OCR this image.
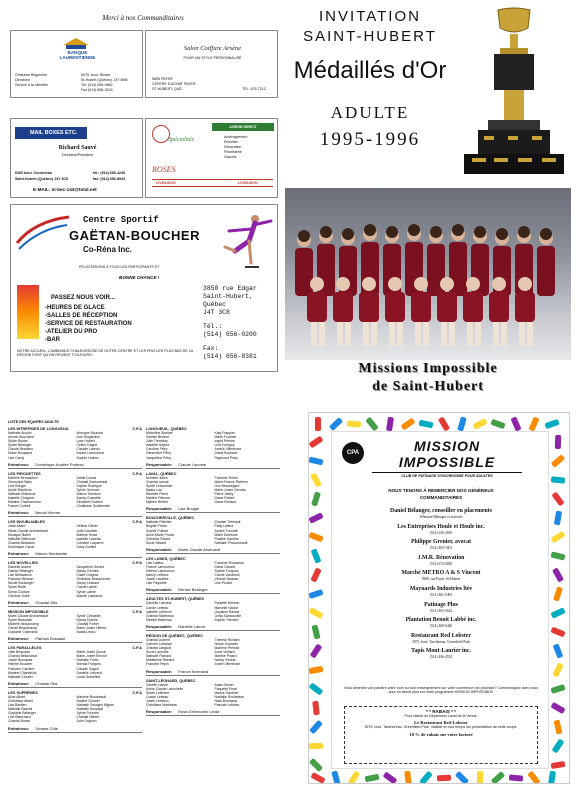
Merci à nos Commanditaires
BANQUE
LAURENTIENNE
Ghislaine Bégnoche
Directrice
Service à la clientèle
5075, boul. Ricard
St-Hubert (Québec) J3Y 8M8
Tél. (514) 656-9882
Fax (514) 656-3024
Salon Coiffure Arsène
POUR UN STYLE PERSONNALISÉ
5895 PAYER
CENTRE D'ACHAT PAYER
ST-HUBERT, QUÉ.	TÉL. 676-7212
MAIL BOXES ETC.
Richard Sauvé
Directeur/Président
6360 boul. Cousineau
Saint-Hubert (Québec) J3Y 8C5
tél.: (514) 656-4245
fax: (514) 656-8944
E-MAIL: m-bec-143@total.net
JARDIN DIRECT
Spécialités	Aménagement
Entretien
Décoration
Fleuristerie
Gazons
ROSES
LIVRAISON	LIVRAISON
Centre Sportif
GAËTAN-BOUCHER
Co-Réna Inc.
FÉLICITATIONS À TOUS LES PARTICIPANTS ET
BONNE CHANCE !
PASSEZ NOUS VOIR...
-HEURES DE GLACE
-SALLES DE RÉCEPTION
-SERVICE DE RESTAURATION
-ATELIER DU PRO
-BAR
3850 rue Edgar
Saint-Hubert,
Québec
J4T 3C8
Tél.:
(514) 656-0200
Fax:
(514) 656-8381
NOTRE ACCUEIL, L'AMBIANCE CHALEUREUSE DE NOTRE CENTRE ET LES PRIX LES PLUS BAS DE LA RÉGION FONT QU'ON REVIENT TOUJOURS !
INVITATION
SAINT-HUBERT
Médaillés d'Or
ADULTE
1995-1996
Missions Impossible
de Saint-Hubert
LISTE DES ÉQUIPES ADULTE
LES INTRÉPIDES DE LONGUEUIL	C.P.A
Nathalie Aucoin	Monique Bourdon
Annick Bouchard	Lise Desjardins
Sylvie Boulet	Lyse Hubert
Sylvie Bélanger	Céline Gagné
Claude Beaulieu	Claudie Lacroix
Diane Bousquet	Karine Lamoureux
Lise Cardy	Sophie Leclerc
Entraîneur: Dominique-Andrée Proteau
LES PIROUETTES	C.P.A
Michèle Bernatchez	Joëlle Dorval
Véronique Blais	Chantal Dessureault
Line Bougie	Sophie Rodrigue
Annie Brisebois	Sylvie Germain
Nathalie Brisebois	Manon Gendron
Isabelle Chagnon	Nancy Guenette
Martine Charbonneau	Élizabeth Gratton
France Corbeil	Christiane Guillemette
Entraîneur: Benoit Vienne
LES INOUBLIABLES	C.P.A
Josie Allard	Hélène Olivier
Marie-Claude Archambault	Julie Gauthier
Monique Babin	Martine Hinse
Nathalie Bellerose	Isabelle Lalonde
Chantal Beaudoin	Caroline Laquerre
Dominique Caron	Dany Ouellet
Entraîneur: Manon Morissette
LES NOVELLIES	C.P.A
Danielle Aubert	Jacqueline Gerard
Danise Bélanger	Nancy Gervais
Lise Bellavance	Claire Gingras
Francine Brisson	Ghislaine Beauchemin
Nicole Boulanger	Nancy Lessard
Sylvie Brûlé	Carole Labrie
Sonia Couture	Sylvie Labrie
Caroline Dubé	Maude Lachance
Entraîneur: Chantal Otis
MISSION IMPOSSIBLE	C.P.A
Marie-Claude Archambault	Sylvie Chevalier
Sylvie Beaudoin	Nancy Dubois
Michèle Beauchamp	Chantal Fortier
Carole Beauchamp	Marie-Josée Hébert
Guylaine Chartrand	Nadia Leduc
Entraîneur: Patricia Dussault
LES PARALLÈLES	C.P.A
Julie Beaudoin	Marie-Josée Dorval
Chantal Bellavance	Marie-Josée Émond
Josée Bourassa	Nathalie Fortin
Hélène Boucher	Brenda Forgues
Francine Carrière	Claudie Gagné
Martine Charlebois	Danielle Leboeuf
Nathalie Cloutier	Linda Graveline
Entraîneur: Chantal Otis
LES SUPRÊMES	C.P.A
Aline Albert	Marlène Boudreault
Christiane Albert	Nadine Cloutier
Lise Bastien	Nathalie Georges Migner
Nathalie Bazzini	Nathalie Dussault
Guylaine Bélanger	Sylvie Fournier
Line Blanchard	Chantal Hébert
Chantal Bossé	Julie Gagnon
Entraîneur: Viviane Côté
LONGUEUIL, QUÉBEC
Micheline Bazinet	Katy Frappier
Ginette Bédard	Marie Fournier
Julie Tremblay	Ingrid Perrine
Isabelle Hayeur	Lina Tourigny
Caroline Petry	Annick Villeneuve
Geneviève Petry	Diane Bouliane
Jacqueline Petry	Raymond Petry
Responsable: Claude Lacoste
LAVAL, QUÉBEC
Murielle Julien	Francine Roher
Chantal Lavoie	Marie-France Rivières
Sylvie Lessonnier	Lise Beauregard
Nadia Luci	Marie-Josée Gervais
Marinée Perrin	Pierre Valley
Martine Petrone	Diane Robert
Mylène Rinfret	Diane Renaud
Responsable: Lise Bougie
BOUCHERVILLE, QUÉBEC
Nathalie Pelletier	Chantal Tétreault
Brigitte Potvin	Patty Lafleur
Sophie Poitras	Annick Turcotte
Anne-Marie Proulx	Marie Dufresne
Christine Rivard	Pauline Ganière
Suzie Savard	Nathalie Pinsonneault
Responsable: Marie-Claude Arsenault
LES LUNES, QUÉBEC
Lise Lafleur	Francine Rousseau
France Lamoureux	Diane Savard
Hélène Lamoureux	Sophie Forgues
Nancy Leblanc	Carole Vaudreuil
Josée Lavallée	Viviane Nadeau
Lise Paquette	Line Pouliot
Responsable: Denise Bélanger
ADULTES ST-HUBERT, QUÉBEC
Danielle Laforest	Paulette Moreau
Carole Lebeau	Marcelle Nadon
Isabelle Lefebvre	Guylaine Racine
Chantal Martineau	Linda Sansouville
Mireille Marineau	Sophie Therrien
Responsable: Danielle Latour
RÉGION DE QUÉBEC, QUÉBEC
Chantal Joubert	Thérèse Richard
Carmen Lafrance	Nicole Gosselin
Chantal Langlois	Marlène Prévost
Suzie Lamothe	Anne Voillard
Nathalie Richard	Martine Pinard
Madeleine Richard	Nancy Vézina
Francine Pépin	Josée Villeneuve
Responsable: France Normand
SAINT-LÉONARD, QUÉBEC
Ginette Lavoie	Adam Muriel
Annie-Claude Larochelle	Paquette Pearl
Sylvie Lefebvre	Marise Gauthier
Louise Lebeau	Nathalie Rocheleau
Josée Lemieux	Nata Bourassa
Christiane Martineau	Pascale Leblanc
Responsable: Rosa Delvecchio Linda
CPA	MISSION
IMPOSSIBLE
CLUB DE PATINAGE SYNCHRONISÉ POUR ADULTES
NOUS TENONS À REMERCIER NOS GÉNÉREUX
COMMANDITAIRES
Daniel Bélanger, conseiller en placements
Wheaton Bélanger et associés
Les Entreprises Houle et Houle inc.
(514) 656-4010
Philippe Grenier, avocat
(514) 465-1801
J.M.R. Rénovation
(514) 674-0050
Marché METRO A & S Vincent
5900, rue Payer, St-Hubert
Maynards Industries ltée
(514) 461-5481
Patinage Plus
(514) 465-5622
Plantation Benoit Labbé inc.
(514) 469-6440
Restaurant Red Lobster
3075, boul. Taschereau, Greenfield Park
Tapis Mont-Laurier inc.
(514) 446-4554
Vous aimeriez voir paraître votre nom ou tout renseignement sur votre commerce l'an prochain? Communiquez avec nous pour en savoir plus sur notre programme MISSION IMPOSSIBLE!
* * RABAIS * *
Pour clients du Dépanneur Laval de la Venue.
Le Restaurant Red Lobster
3075, boul. Taschereau, Greenfield Park. Valable en tout temps sur présentation de cette coupe.
10 % de rabais sur votre facture
